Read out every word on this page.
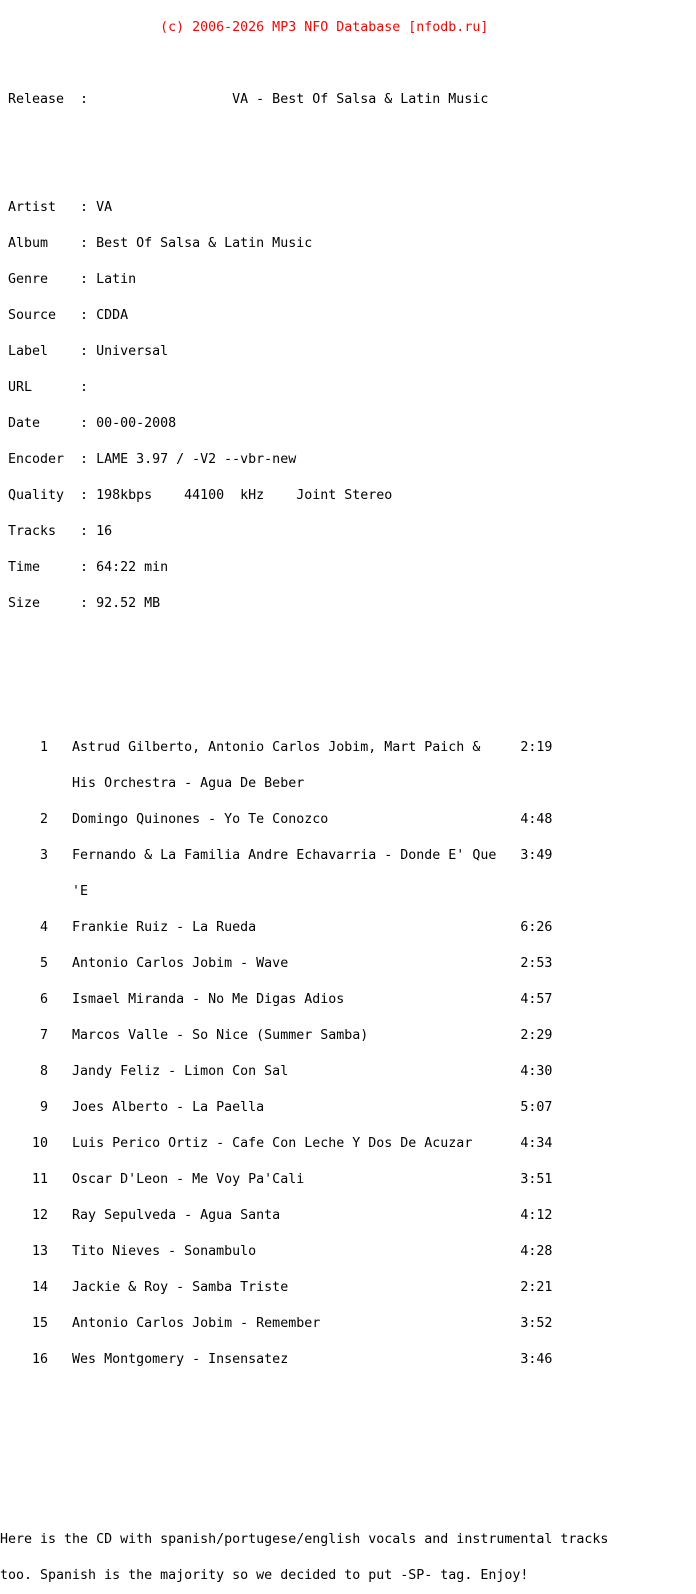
(c) 2006-2026 MP3 NFO Database [nfodb.ru]

Release  :                  VA - Best Of Salsa & Latin Music

Artist   : VA

Album    : Best Of Salsa & Latin Music

Genre    : Latin

Source   : CDDA

Label    : Universal

URL      :

Date     : 00-00-2008

Encoder  : LAME 3.97 / -V2 --vbr-new

Quality  : 198kbps    44100  kHz    Joint Stereo

Tracks   : 16

Time     : 64:22 min

Size     : 92.52 MB

1   Astrud Gilberto, Antonio Carlos Jobim, Mart Paich &     2:19

His Orchestra - Agua De Beber

2   Domingo Quinones - Yo Te Conozco                        4:48

3   Fernando & La Familia Andre Echavarria - Donde E' Que   3:49

'E

4   Frankie Ruiz - La Rueda                                 6:26

5   Antonio Carlos Jobim - Wave                             2:53

6   Ismael Miranda - No Me Digas Adios                      4:57

7   Marcos Valle - So Nice (Summer Samba)                   2:29

8   Jandy Feliz - Limon Con Sal                             4:30

9   Joes Alberto - La Paella                                5:07

10   Luis Perico Ortiz - Cafe Con Leche Y Dos De Acuzar      4:34

11   Oscar D'Leon - Me Voy Pa'Cali                           3:51

12   Ray Sepulveda - Agua Santa                              4:12

13   Tito Nieves - Sonambulo                                 4:28

14   Jackie & Roy - Samba Triste                             2:21

15   Antonio Carlos Jobim - Remember                         3:52

16   Wes Montgomery - Insensatez                             3:46

Here is the CD with spanish/portugese/english vocals and instrumental tracks

too. Spanish is the majority so we decided to put -SP- tag. Enjoy!
